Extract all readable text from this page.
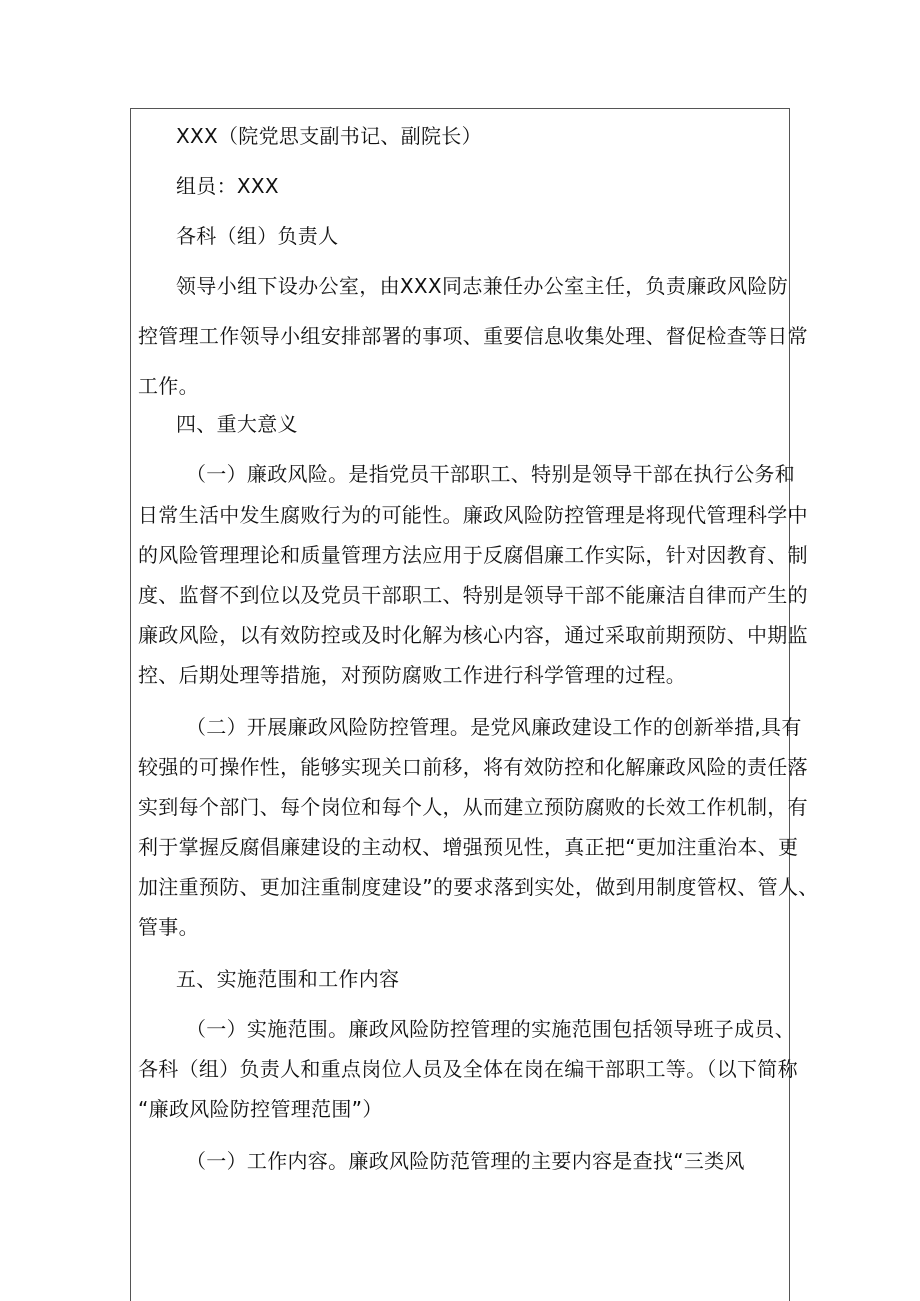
XXX（院党思支副书记、副院长）
组员：XXX
各科（组）负责人
领导小组下设办公室，由XXX同志兼任办公室主任，负责廉政风险防
控管理工作领导小组安排部署的事项、重要信息收集处理、督促检查等日常
工作。
四、重大意义
（一）廉政风险。是指党员干部职工、特别是领导干部在执行公务和
日常生活中发生腐败行为的可能性。廉政风险防控管理是将现代管理科学中
的风险管理理论和质量管理方法应用于反腐倡廉工作实际，针对因教育、制
度、监督不到位以及党员干部职工、特别是领导干部不能廉洁自律而产生的
廉政风险，以有效防控或及时化解为核心内容，通过采取前期预防、中期监
控、后期处理等措施，对预防腐败工作进行科学管理的过程。
（二）开展廉政风险防控管理。是党风廉政建设工作的创新举措,具有
较强的可操作性，能够实现关口前移，将有效防控和化解廉政风险的责任落
实到每个部门、每个岗位和每个人，从而建立预防腐败的长效工作机制，有
利于掌握反腐倡廉建设的主动权、增强预见性，真正把“更加注重治本、更
加注重预防、更加注重制度建设”的要求落到实处，做到用制度管权、管人、
管事。
五、实施范围和工作内容
（一）实施范围。廉政风险防控管理的实施范围包括领导班子成员、
各科（组）负责人和重点岗位人员及全体在岗在编干部职工等。（以下简称
“廉政风险防控管理范围”）
（一）工作内容。廉政风险防范管理的主要内容是查找“三类风
